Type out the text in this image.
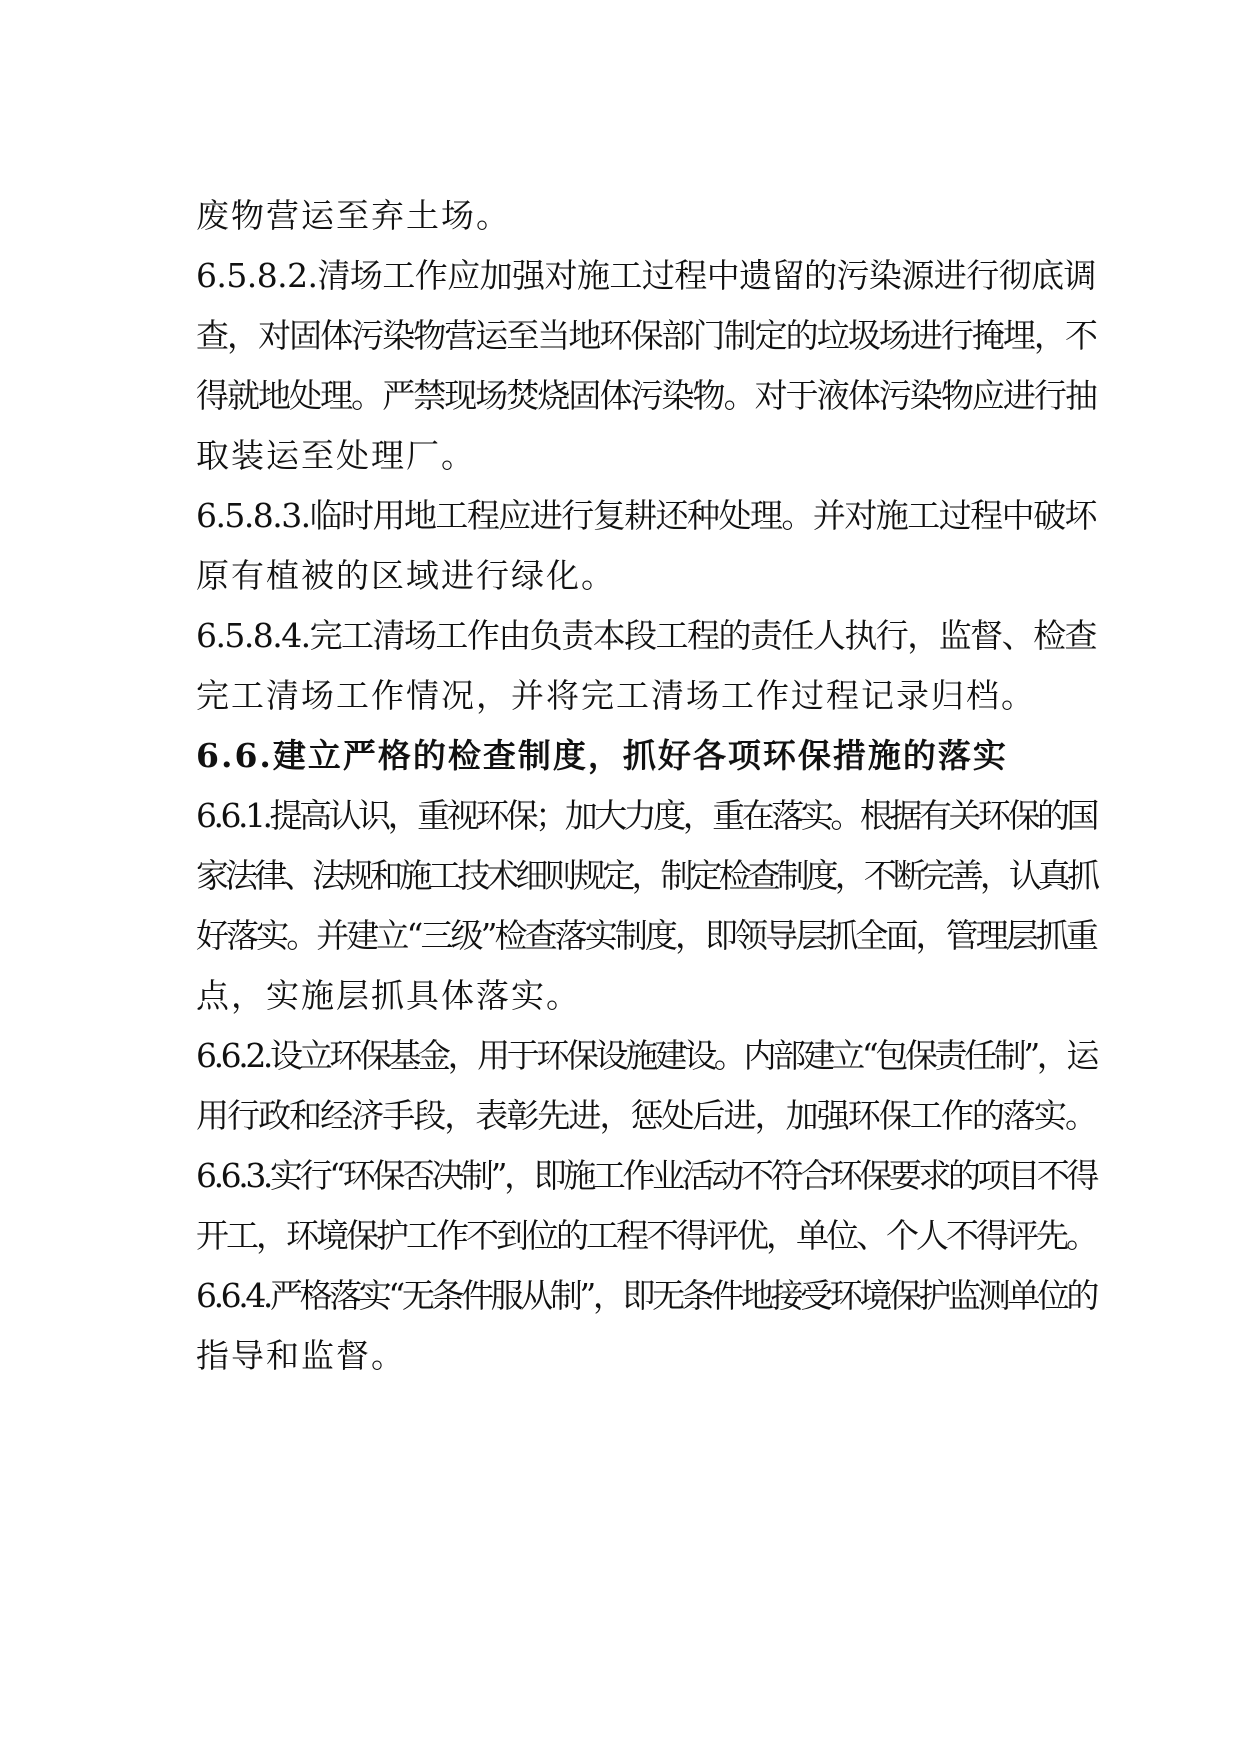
废物营运至弃土场。
6.5.8.2.清场工作应加强对施工过程中遗留的污染源进行彻底调
查，对固体污染物营运至当地环保部门制定的垃圾场进行掩埋，不
得就地处理。严禁现场焚烧固体污染物。对于液体污染物应进行抽
取装运至处理厂。
6.5.8.3.临时用地工程应进行复耕还种处理。并对施工过程中破坏
原有植被的区域进行绿化。
6.5.8.4.完工清场工作由负责本段工程的责任人执行，监督、检查
完工清场工作情况，并将完工清场工作过程记录归档。
6.6.建立严格的检查制度，抓好各项环保措施的落实
6.6.1.提高认识，重视环保；加大力度，重在落实。根据有关环保的国
家法律、法规和施工技术细则规定，制定检查制度，不断完善，认真抓
好落实。并建立“三级”检查落实制度，即领导层抓全面，管理层抓重
点，实施层抓具体落实。
6.6.2.设立环保基金，用于环保设施建设。内部建立“包保责任制”，运
用行政和经济手段，表彰先进，惩处后进，加强环保工作的落实。
6.6.3.实行“环保否决制”，即施工作业活动不符合环保要求的项目不得
开工，环境保护工作不到位的工程不得评优，单位、个人不得评先。
6.6.4.严格落实“无条件服从制”，即无条件地接受环境保护监测单位的
指导和监督。
